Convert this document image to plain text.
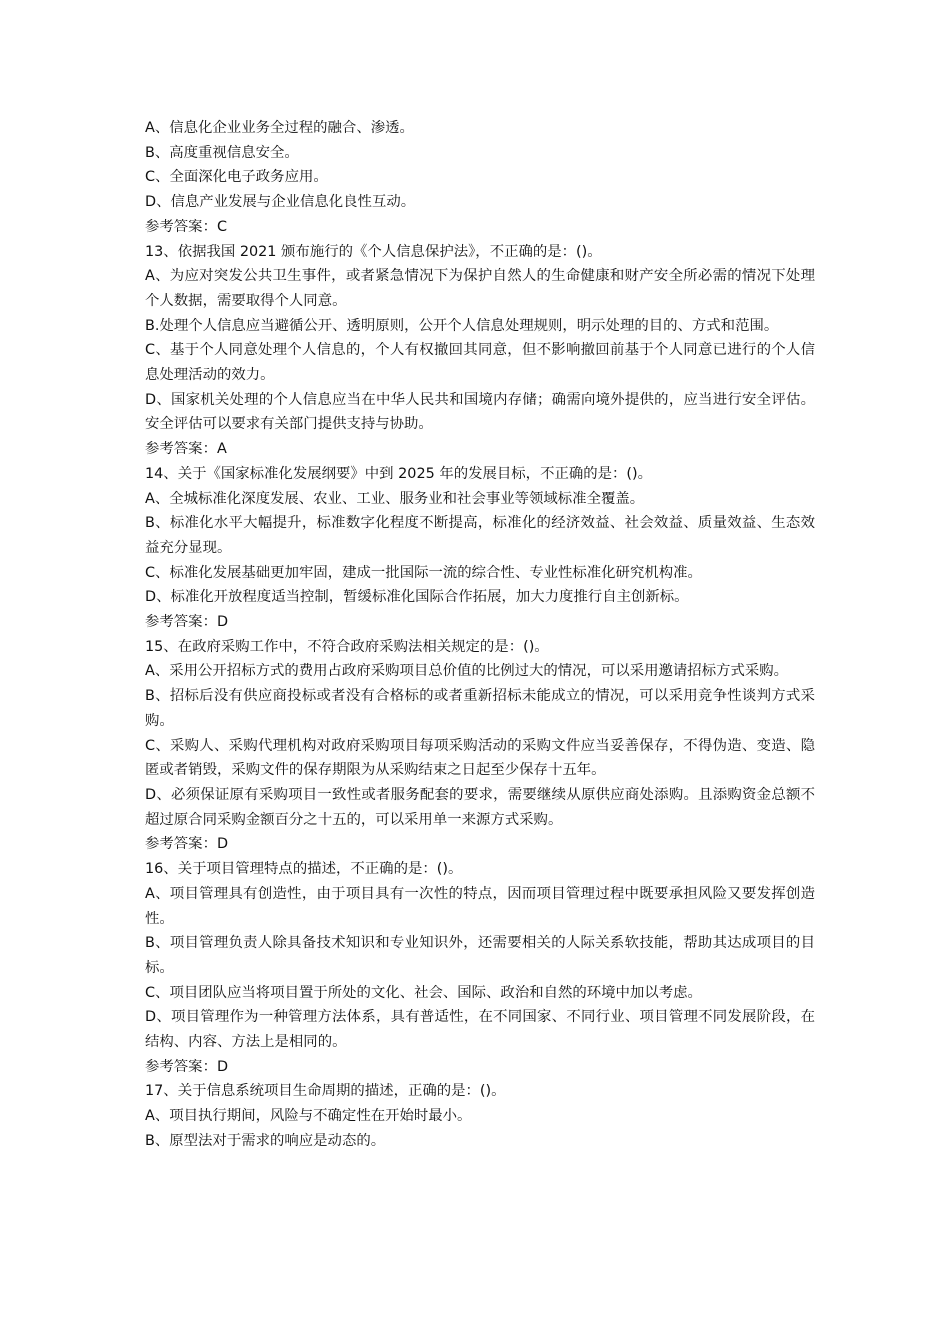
A、信息化企业业务全过程的融合、渗透。

B、高度重视信息安全。

C、全面深化电子政务应用。

D、信息产业发展与企业信息化良性互动。

参考答案：C

13、依据我国 2021 颁布施行的《个人信息保护法》，不正确的是：()。

A、为应对突发公共卫生事件，或者紧急情况下为保护自然人的生命健康和财产安全所必需的情况下处理个人数据，需要取得个人同意。

B.处理个人信息应当避循公开、透明原则，公开个人信息处理规则，明示处理的目的、方式和范围。

C、基于个人同意处理个人信息的，个人有权撤回其同意，但不影响撤回前基于个人同意已进行的个人信息处理活动的效力。

D、国家机关处理的个人信息应当在中华人民共和国境内存储；确需向境外提供的，应当进行安全评估。安全评估可以要求有关部门提供支持与协助。

参考答案：A

14、关于《国家标准化发展纲要》中到 2025 年的发展目标，不正确的是：()。

A、全城标准化深度发展、农业、工业、服务业和社会事业等领域标准全覆盖。

B、标准化水平大幅提升，标准数字化程度不断提高，标准化的经济效益、社会效益、质量效益、生态效益充分显现。

C、标准化发展基础更加牢固，建成一批国际一流的综合性、专业性标准化研究机构准。

D、标准化开放程度适当控制，暂缓标准化国际合作拓展，加大力度推行自主创新标。

参考答案：D

15、在政府采购工作中，不符合政府采购法相关规定的是：()。

A、采用公开招标方式的费用占政府采购项目总价值的比例过大的情况，可以采用邀请招标方式采购。

B、招标后没有供应商投标或者没有合格标的或者重新招标未能成立的情况，可以采用竞争性谈判方式采购。

C、采购人、采购代理机构对政府采购项目每项采购活动的采购文件应当妥善保存，不得伪造、变造、隐匿或者销毁，采购文件的保存期限为从采购结束之日起至少保存十五年。

D、必须保证原有采购项目一致性或者服务配套的要求，需要继续从原供应商处添购。且添购资金总额不超过原合同采购金额百分之十五的，可以采用单一来源方式采购。

参考答案：D

16、关于项目管理特点的描述，不正确的是：()。

A、项目管理具有创造性，由于项目具有一次性的特点，因而项目管理过程中既要承担风险又要发挥创造性。

B、项目管理负责人除具备技术知识和专业知识外，还需要相关的人际关系软技能，帮助其达成项目的目标。

C、项目团队应当将项目置于所处的文化、社会、国际、政治和自然的环境中加以考虑。

D、项目管理作为一种管理方法体系，具有普适性，在不同国家、不同行业、项目管理不同发展阶段，在结构、内容、方法上是相同的。

参考答案：D

17、关于信息系统项目生命周期的描述，正确的是：()。

A、项目执行期间，风险与不确定性在开始时最小。

B、原型法对于需求的响应是动态的。
